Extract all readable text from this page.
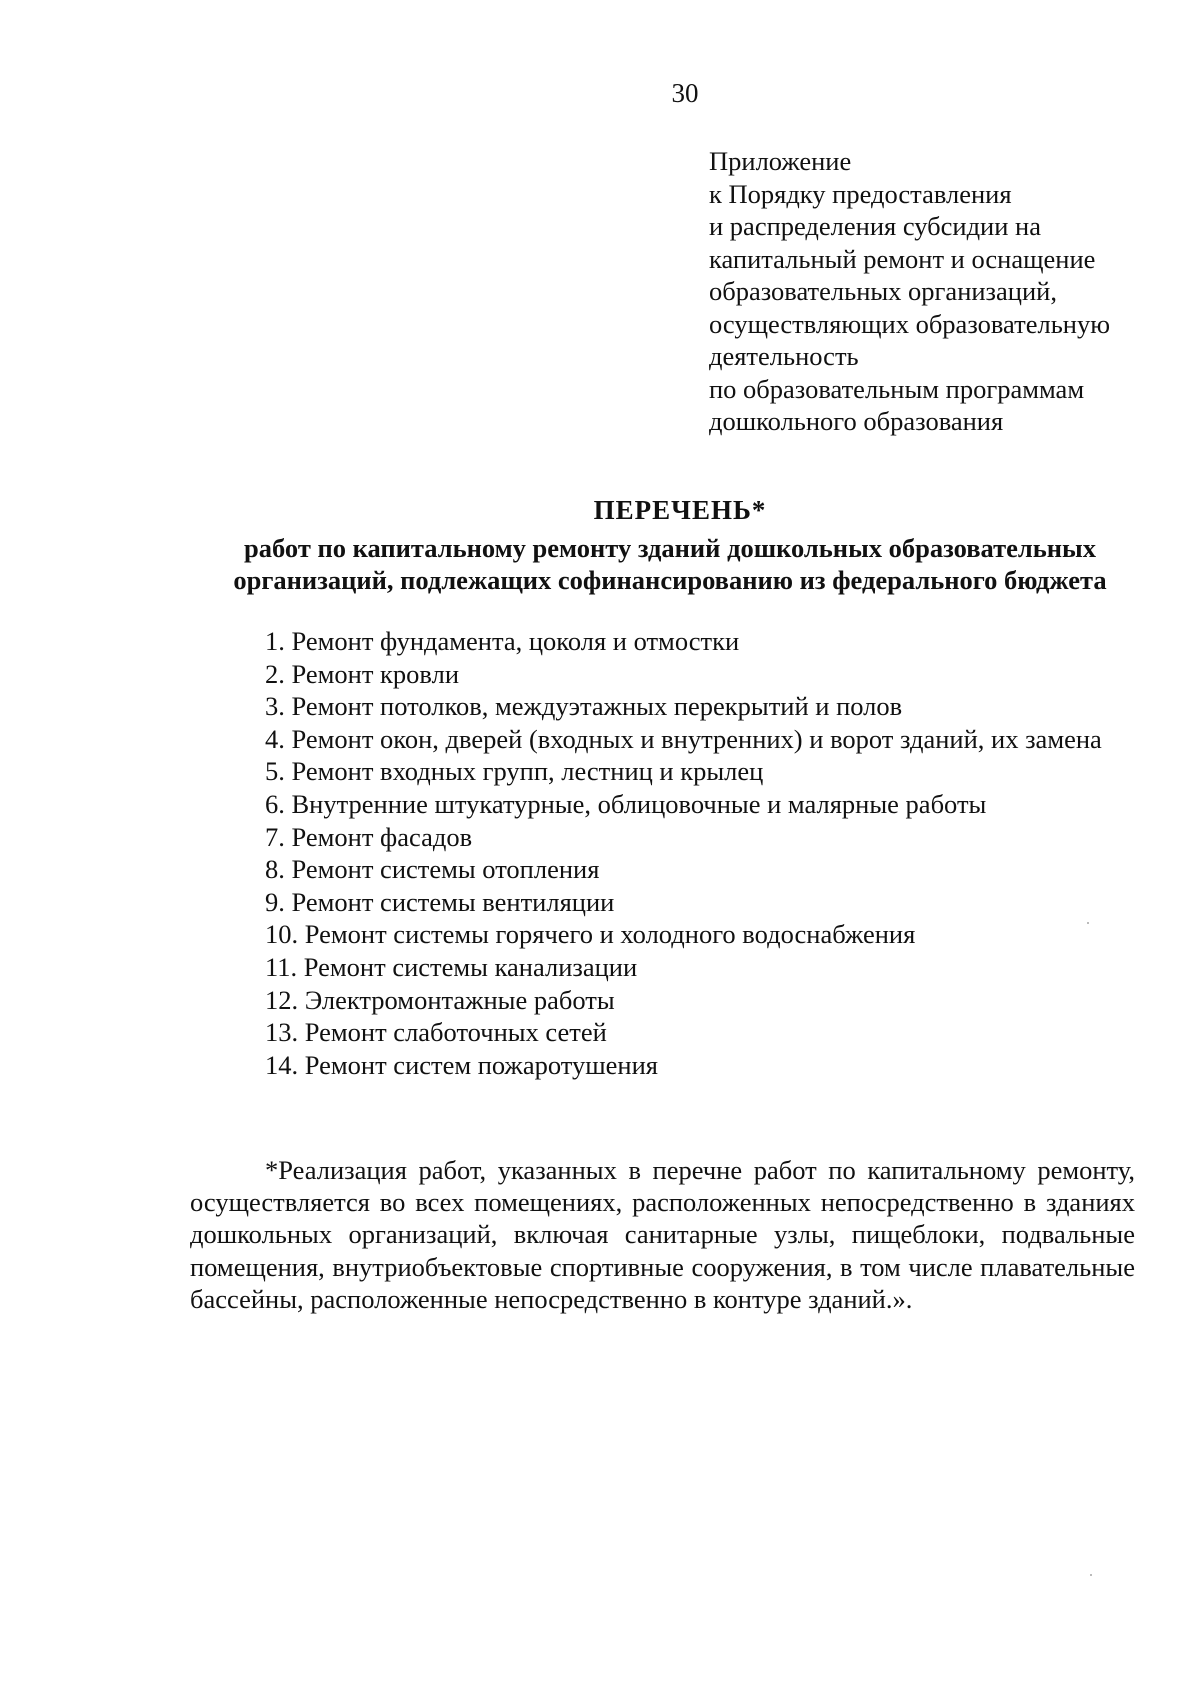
30
Приложение
к Порядку предоставления
и распределения субсидии на
капитальный ремонт и оснащение
образовательных организаций,
осуществляющих образовательную
деятельность
по образовательным программам
дошкольного образования
ПЕРЕЧЕНЬ*
работ по капитальному ремонту зданий дошкольных образовательных
организаций, подлежащих софинансированию из федерального бюджета
1. Ремонт фундамента, цоколя и отмостки
2. Ремонт кровли
3. Ремонт потолков, междуэтажных перекрытий и полов
4. Ремонт окон, дверей (входных и внутренних) и ворот зданий, их замена
5. Ремонт входных групп, лестниц и крылец
6. Внутренние штукатурные, облицовочные и малярные работы
7. Ремонт фасадов
8. Ремонт системы отопления
9. Ремонт системы вентиляции
10. Ремонт системы горячего и холодного водоснабжения
11. Ремонт системы канализации
12. Электромонтажные работы
13. Ремонт слаботочных сетей
14. Ремонт систем пожаротушения

*Реализация работ, указанных в перечне работ по капитальному ремонту, осуществляется во всех помещениях, расположенных непосредственно в зданиях дошкольных организаций, включая санитарные узлы, пищеблоки, подвальные помещения, внутриобъектовые спортивные сооружения, в том числе плавательные бассейны, расположенные непосредственно в контуре зданий.».
